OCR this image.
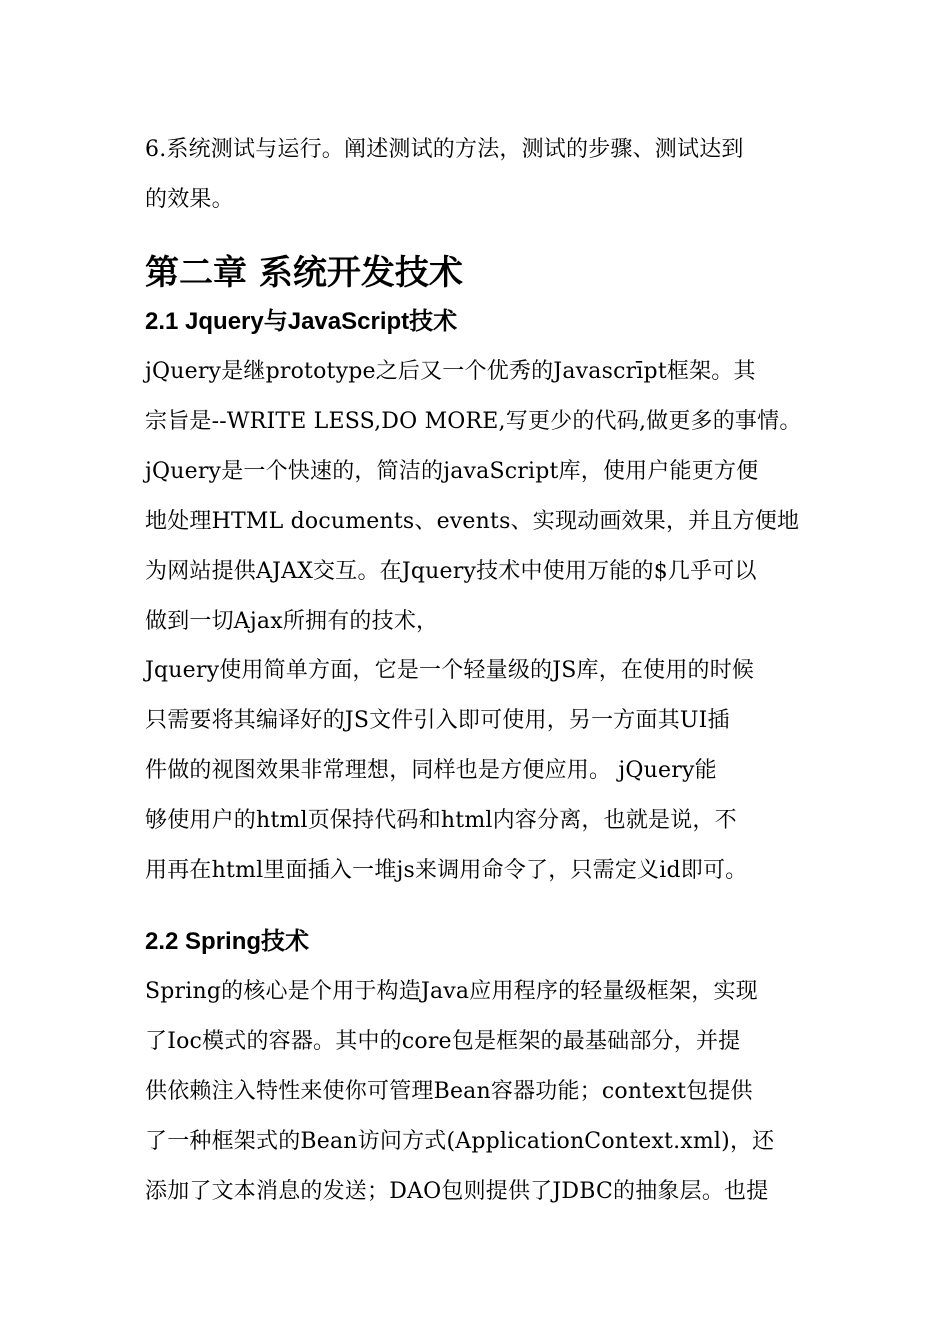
6.系统测试与运行。阐述测试的方法，测试的步骤、测试达到
的效果。
第二章 系统开发技术
2.1 Jquery与JavaScript技术
jQuery是继prototype之后又一个优秀的Javascrīpt框架。其
宗旨是--WRITE LESS,DO MORE,写更少的代码,做更多的事情。
jQuery是一个快速的，简洁的javaScript库，使用户能更方便
地处理HTML documents、events、实现动画效果，并且方便地
为网站提供AJAX交互。在Jquery技术中使用万能的$几乎可以
做到一切Ajax所拥有的技术，
Jquery使用简单方面，它是一个轻量级的JS库，在使用的时候
只需要将其编译好的JS文件引入即可使用，另一方面其UI插
件做的视图效果非常理想，同样也是方便应用。 jQuery能
够使用户的html页保持代码和html内容分离，也就是说，不
用再在html里面插入一堆js来调用命令了，只需定义id即可。
2.2 Spring技术
Spring的核心是个用于构造Java应用程序的轻量级框架，实现
了Ioc模式的容器。其中的core包是框架的最基础部分，并提
供依赖注入特性来使你可管理Bean容器功能；context包提供
了一种框架式的Bean访问方式(ApplicationContext.xml)，还
添加了文本消息的发送；DAO包则提供了JDBC的抽象层。也提
